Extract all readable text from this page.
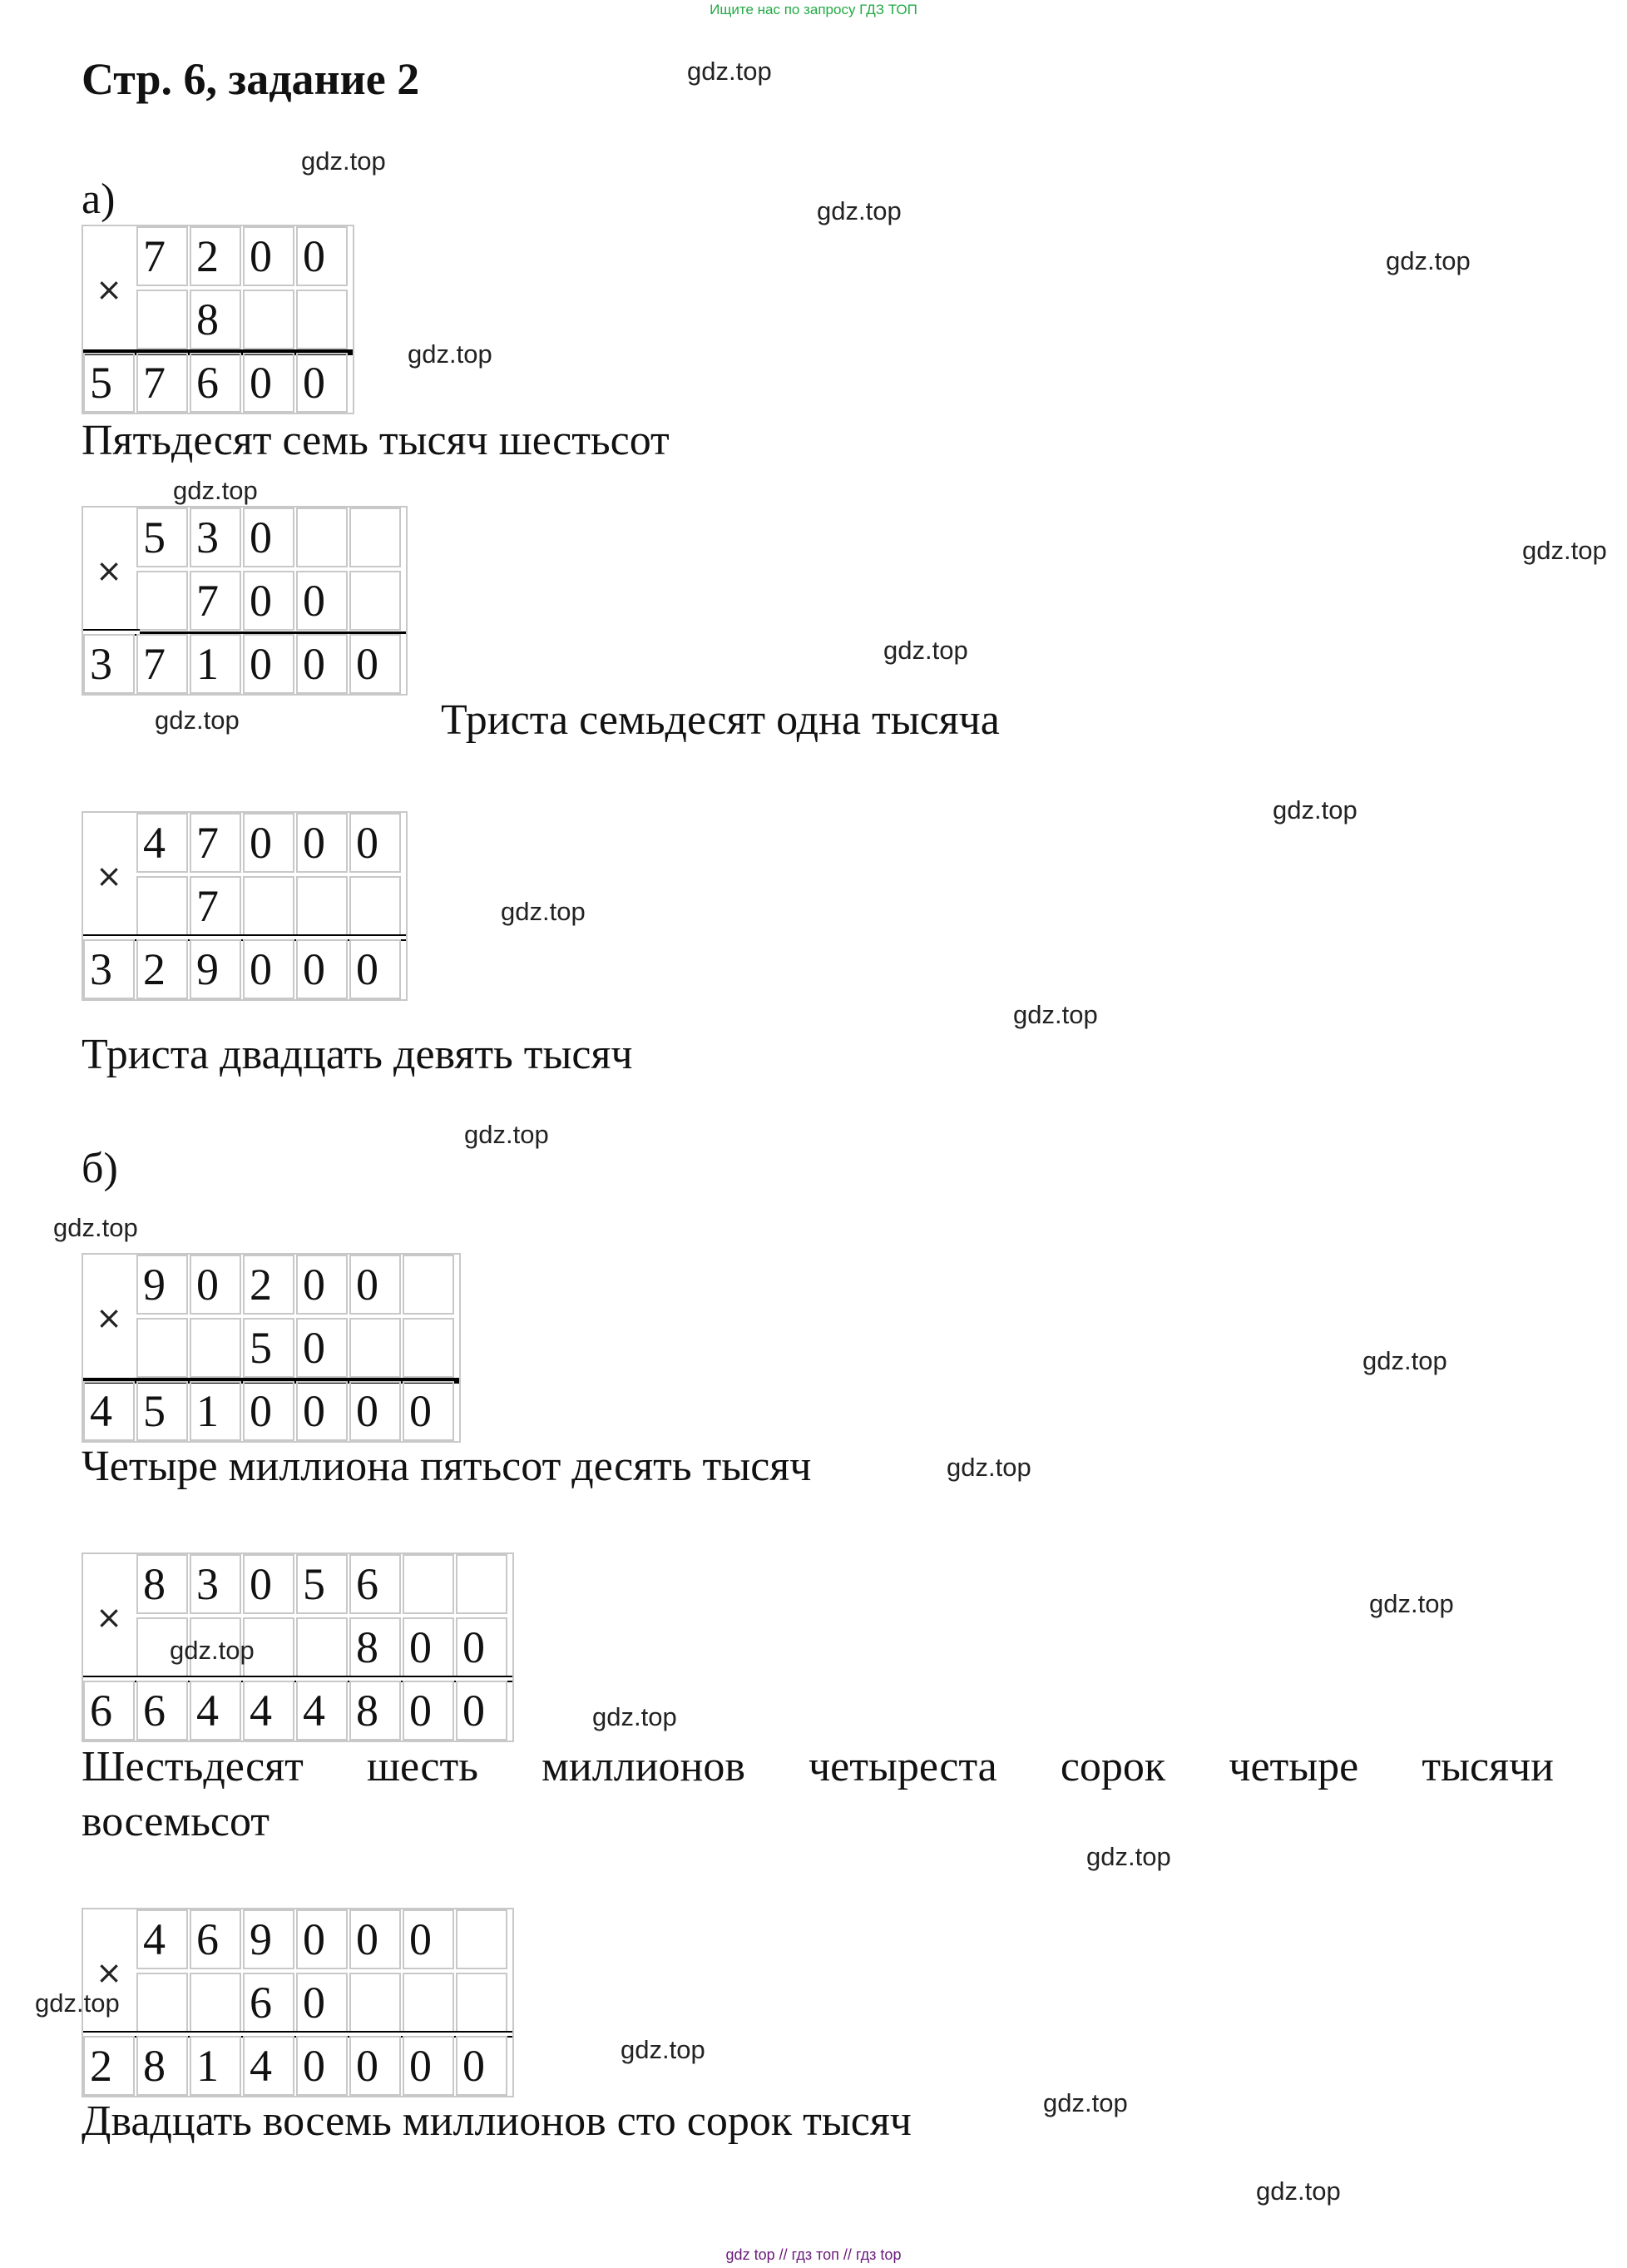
Ищите нас по запросу ГДЗ ТОП
Стр. 6, задание 2
а)
×
7 2 0 0
8
5 7 6 0 0
Пятьдесят семь тысяч шестьсот
×
5 3 0
7 0 0
3 7 1 0 0 0
Триста семьдесят одна тысяча
×
4 7 0 0 0
7
3 2 9 0 0 0
Триста двадцать девять тысяч
б)
×
9 0 2 0 0
5 0
4 5 1 0 0 0 0
Четыре миллиона пятьсот десять тысяч
×
8 3 0 5 6
8 0 0
6 6 4 4 4 8 0 0
Шестьдесят шесть миллионов четыреста сорок четыре тысячи
восемьсот
×
4 6 9 0 0 0
6 0
2 8 1 4 0 0 0 0
Двадцать восемь миллионов сто сорок тысяч
gdz.top
gdz.top
gdz.top
gdz.top
gdz.top
gdz.top
gdz.top
gdz.top
gdz.top
gdz.top
gdz.top
gdz.top
gdz.top
gdz.top
gdz.top
gdz.top
gdz.top
gdz.top
gdz.top
gdz.top
gdz.top
gdz.top
gdz.top
gdz.top
gdz top // гдз топ // гдз top
